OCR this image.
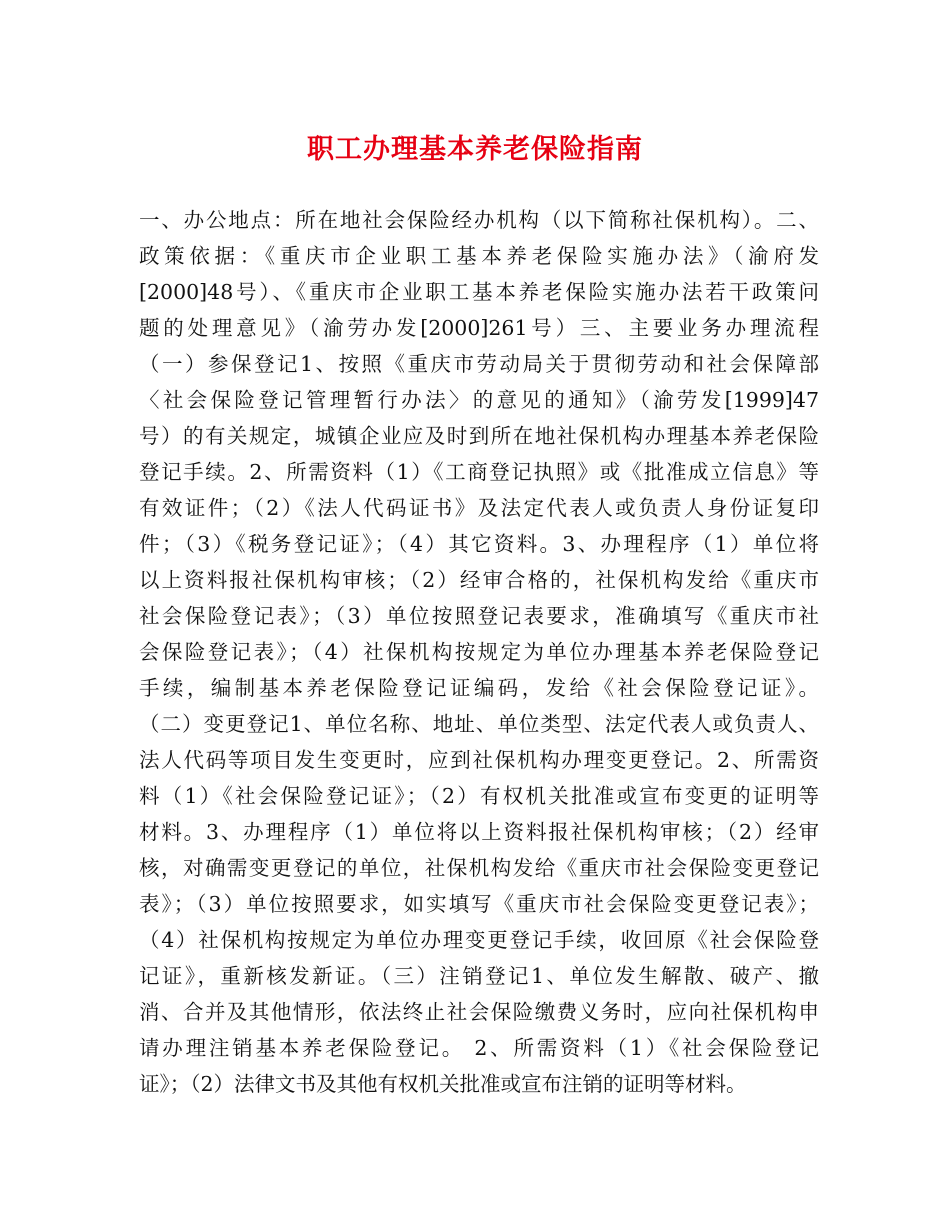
职工办理基本养老保险指南
一、办公地点：所在地社会保险经办机构（以下简称社保机构）。二、
政策依据：《重庆市企业职工基本养老保险实施办法》（渝府发
[2000]48号）、《重庆市企业职工基本养老保险实施办法若干政策问
题的处理意见》（渝劳办发[2000]261号）三、主要业务办理流程
（一）参保登记1、按照《重庆市劳动局关于贯彻劳动和社会保障部
〈社会保险登记管理暂行办法〉的意见的通知》（渝劳发[1999]47
号）的有关规定，城镇企业应及时到所在地社保机构办理基本养老保险
登记手续。2、所需资料（1）《工商登记执照》或《批准成立信息》等
有效证件；（2）《法人代码证书》及法定代表人或负责人身份证复印
件；（3）《税务登记证》；（4）其它资料。3、办理程序（1）单位将
以上资料报社保机构审核；（2）经审合格的，社保机构发给《重庆市
社会保险登记表》；（3）单位按照登记表要求，准确填写《重庆市社
会保险登记表》；（4）社保机构按规定为单位办理基本养老保险登记
手续，编制基本养老保险登记证编码，发给《社会保险登记证》。
（二）变更登记1、单位名称、地址、单位类型、法定代表人或负责人、
法人代码等项目发生变更时，应到社保机构办理变更登记。2、所需资
料（1）《社会保险登记证》；（2）有权机关批准或宣布变更的证明等
材料。3、办理程序（1）单位将以上资料报社保机构审核；（2）经审
核，对确需变更登记的单位，社保机构发给《重庆市社会保险变更登记
表》；（3）单位按照要求，如实填写《重庆市社会保险变更登记表》；
（4）社保机构按规定为单位办理变更登记手续，收回原《社会保险登
记证》，重新核发新证。（三）注销登记1、单位发生解散、破产、撤
消、合并及其他情形，依法终止社会保险缴费义务时，应向社保机构申
请办理注销基本养老保险登记。 2、所需资料（1）《社会保险登记
证》；（2）法律文书及其他有权机关批准或宣布注销的证明等材料。
